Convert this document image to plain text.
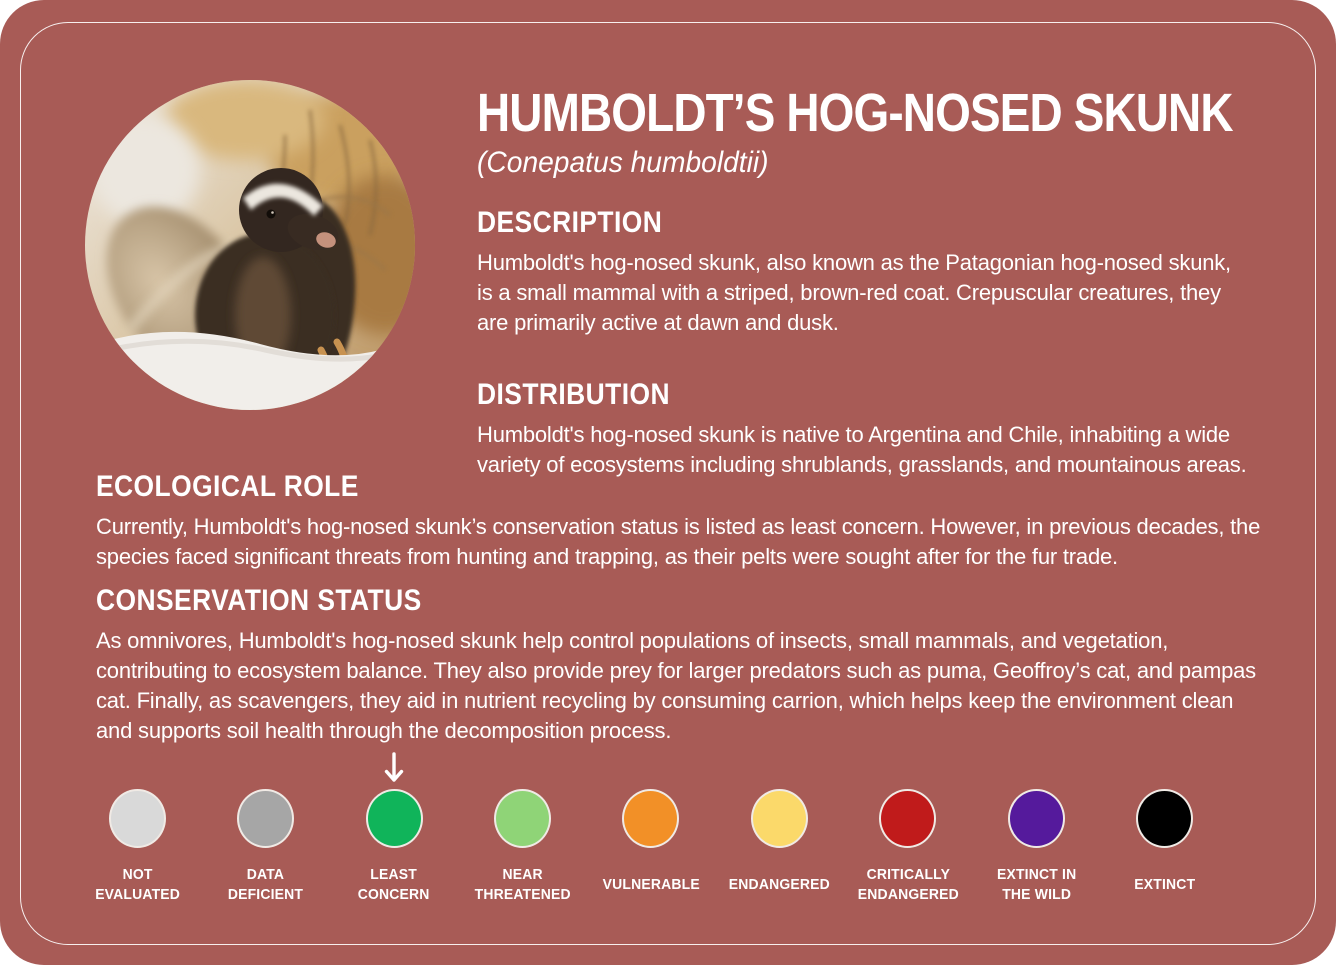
HUMBOLDT’S HOG-NOSED SKUNK
(Conepatus humboldtii)
DESCRIPTION
Humboldt's hog-nosed skunk, also known as the Patagonian hog-nosed skunk, is a small mammal with a striped, brown-red coat. Crepuscular creatures, they are primarily active at dawn and dusk.
DISTRIBUTION
Humboldt's hog-nosed skunk is native to Argentina and Chile, inhabiting a wide variety of ecosystems including shrublands, grasslands, and mountainous areas.
ECOLOGICAL ROLE
Currently, Humboldt's hog-nosed skunk’s conservation status is listed as least concern. However, in previous decades, the species faced significant threats from hunting and trapping, as their pelts were sought after for the fur trade.
CONSERVATION STATUS
As omnivores, Humboldt's hog-nosed skunk help control populations of insects, small mammals, and vegetation, contributing to ecosystem balance. They also provide prey for larger predators such as puma, Geoffroy’s cat, and pampas cat. Finally, as scavengers, they aid in nutrient recycling by consuming carrion, which helps keep the environment clean and supports soil health through the decomposition process.
NOT
EVALUATED
DATA
DEFICIENT
LEAST
CONCERN
NEAR
THREATENED
VULNERABLE ENDANGERED
CRITICALLY
ENDANGERED
EXTINCT IN
THE WILD
EXTINCT
